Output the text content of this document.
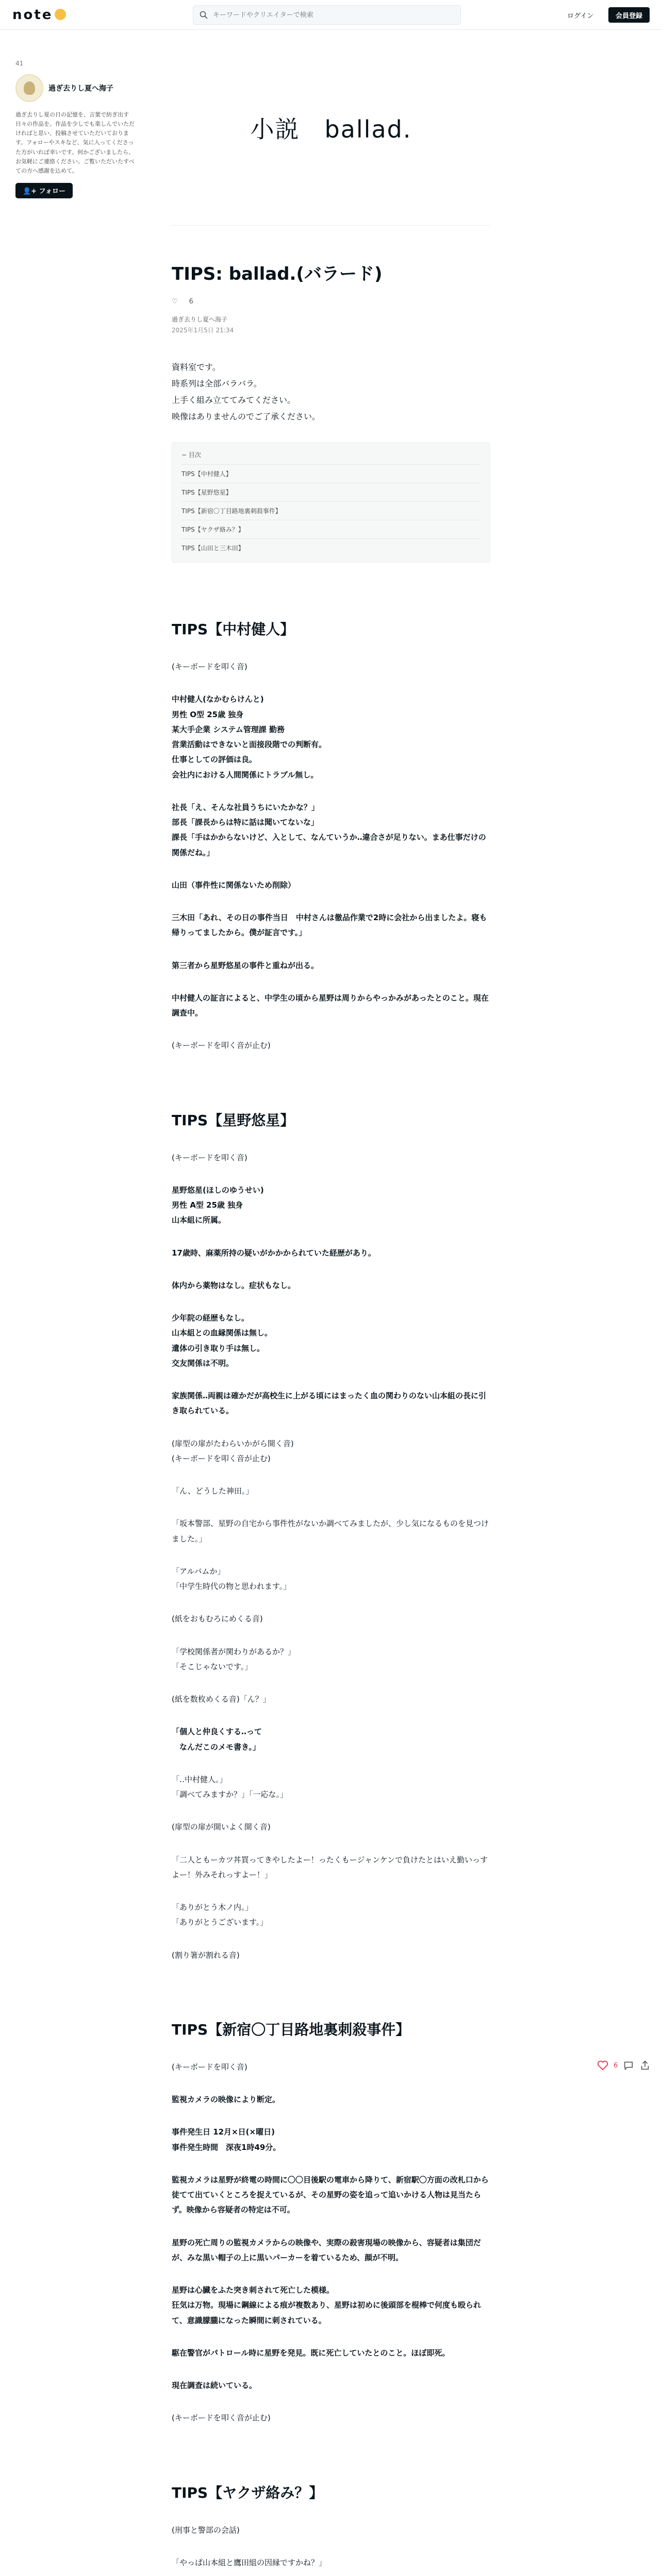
note
キーワードやクリエイターで検索	ログイン	会員登録
41
過ぎ去りし夏へ海子
過ぎ去りし夏の日の記憶を、言葉で紡ぎ出す日々の作品を。作品を少しでも楽しんでいただければと思い、投稿させていただいております。フォローやスキなど、気に入ってくださった方がいれば幸いです。何かございましたら、お気軽にご連絡ください。ご覧いただいたすべての方へ感謝を込めて。
👤+ フォロー
小説　ballad.
TIPS: ballad.(バラード)
♡ 6
過ぎ去りし夏へ海子
2025年1月5日 21:34
資料室です。
時系列は全部バラバラ。
上手く組み立ててみてください。
映像はありませんのでご了承ください。
− 目次
TIPS【中村健人】
TIPS【星野悠星】
TIPS【新宿〇丁目路地裏刺殺事件】
TIPS【ヤクザ絡み？】
TIPS【山田と三木田】
TIPS【中村健人】

(キーボードを叩く音)

中村健人(なかむらけんと)
男性 O型 25歳 独身
某大手企業 システム管理課 勤務
営業活動はできないと面接段階での判断有。
仕事としての評価は良。
会社内における人間関係にトラブル無し。

社長「え、そんな社員うちにいたかな？」
部長「課長からは特に話は聞いてないな」
課長「手はかからないけど、入として、なんていうか‥違合さが足りない。まあ仕事だけの関係だね。」

山田（事件性に関係ないため削除）

三木田「あれ、その日の事件当日　中村さんは徹品作業で2時に会社から出ましたよ。寝も帰りってましたから。僕が証言です。」

第三者から星野悠星の事件と重ねが出る。

中村健人の証言によると、中学生の頃から星野は周りからやっかみがあったとのこと。現在調査中。

(キーボードを叩く音が止む)

TIPS【星野悠星】

(キーボードを叩く音)

星野悠星(ほしのゆうせい)
男性 A型 25歳 独身
山本組に所属。

17歳時、麻薬所持の疑いがかかかられていた経歴があり。

体内から薬物はなし。症状もなし。

少年院の経歴もなし。
山本組との血縁関係は無し。
遺体の引き取り手は無し。
交友関係は不明。

家族関係‥両親は確かだが高校生に上がる頃にはまったく血の関わりのない山本組の長に引き取られている。

(扉型の扉がたわらいかがら開く音)
(キーボードを叩く音が止む)

「ん、どうした神田。」

「坂本警部、星野の自宅から事件性がないか調べてみましたが、少し気になるものを見つけました。」

「アルバムか」
「中学生時代の物と思われます。」

(紙をおもむろにめくる音)

「学校関係者が関わりがあるか？」
「そこじゃないです。」

(紙を数枚めくる音)「ん？」

「個人と仲良くする‥って
　なんだこのメモ書き。」

「‥中村健人。」
「調べてみますか？」「一応な。」

(扉型の扉が開いよく開く音)

「二人ともーカツ丼買ってきやしたよー！ったくもージャンケンで負けたとはいえ勤いっすよー！外みそれっすよー！」

「ありがとう木ノ内。」
「ありがとうございます。」

(割り箸が割れる音)

TIPS【新宿〇丁目路地裏刺殺事件】

(キーボードを叩く音)

監視カメラの映像により断定。

事件発生日 12月×日(×曜日)
事件発生時間　深夜1時49分。

監視カメラは星野が終電の時間に〇〇目後駅の電車から降りて、新宿駅〇方面の改札口から徒てて出ていくところを捉えているが、その星野の姿を追って追いかける人物は見当たらず。映像から容疑者の特定は不可。

星野の死亡周りの監視カメラからの映像や、実際の殺害現場の映像から、容疑者は集団だが、みな黒い帽子の上に黒いパーカーを着ているため、顔が不明。

星野は心臓をふた突き刺されて死亡した模様。
狂気は万物。現場に鋼線による痕が複数あり、星野は初めに後頭部を棍棒で何度も殴られて、意識朦朧になった瞬間に刺されている。

駆在警官がパトロール時に星野を発見。既に死亡していたとのこと。ほぼ即死。

現在調査は続いている。

(キーボードを叩く音が止む)

TIPS【ヤクザ絡み？】

(刑事と警部の会話)

「やっぱ山本組と鷹田組の因縁ですかね？」

6
